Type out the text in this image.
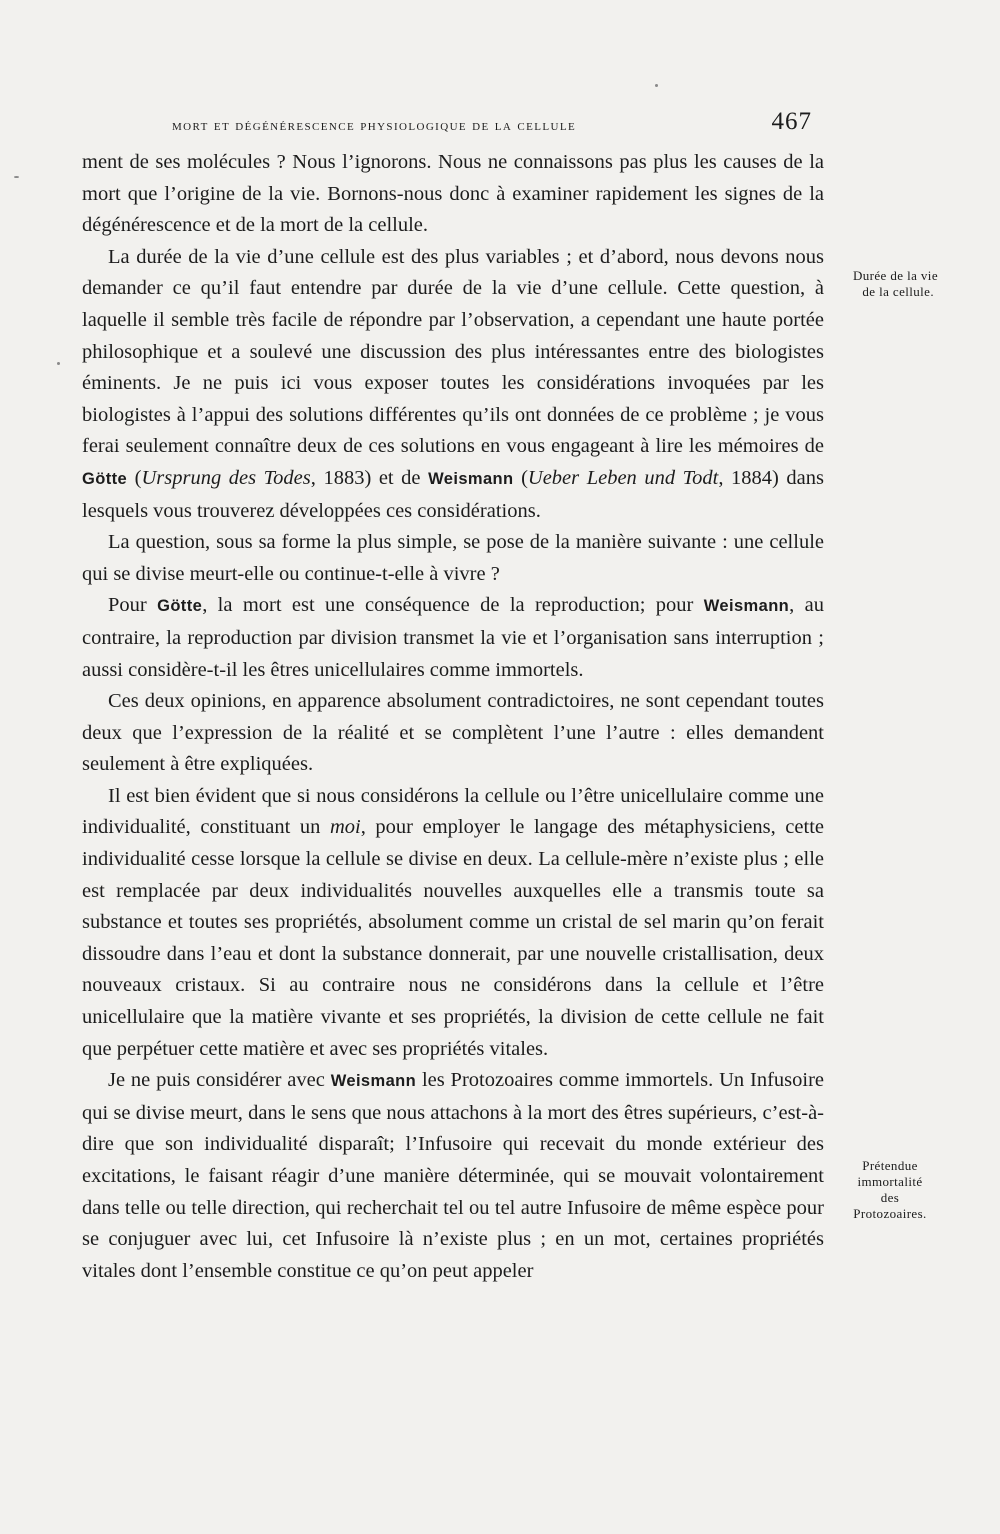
mort et dégénérescence physiologique de la cellule	467

ment de ses molécules ? Nous l’ignorons. Nous ne connaissons pas plus les causes de la mort que l’origine de la vie. Bornons-nous donc à examiner rapidement les signes de la dégénérescence et de la mort de la cellule.

La durée de la vie d’une cellule est des plus variables ; et d’abord, nous devons nous demander ce qu’il faut entendre par durée de la vie d’une cellule. Cette question, à laquelle il semble très facile de répondre par l’observation, a cependant une haute portée philosophique et a soulevé une discussion des plus intéressantes entre des biologistes éminents. Je ne puis ici vous exposer toutes les considérations invoquées par les biologistes à l’appui des solutions différentes qu’ils ont données de ce problème ; je vous ferai seulement connaître deux de ces solutions en vous engageant à lire les mémoires de Götte (Ursprung des Todes, 1883) et de Weismann (Ueber Leben und Todt, 1884) dans lesquels vous trouverez développées ces considérations.

La question, sous sa forme la plus simple, se pose de la manière suivante : une cellule qui se divise meurt-elle ou continue-t-elle à vivre ?

Pour Götte, la mort est une conséquence de la reproduction; pour Weismann, au contraire, la reproduction par division transmet la vie et l’organisation sans interruption ; aussi considère-t-il les êtres unicellulaires comme immortels.

Ces deux opinions, en apparence absolument contradictoires, ne sont cependant toutes deux que l’expression de la réalité et se complètent l’une l’autre : elles demandent seulement à être expliquées.

Il est bien évident que si nous considérons la cellule ou l’être unicellulaire comme une individualité, constituant un moi, pour employer le langage des métaphysiciens, cette individualité cesse lorsque la cellule se divise en deux. La cellule-mère n’existe plus ; elle est remplacée par deux individualités nouvelles auxquelles elle a transmis toute sa substance et toutes ses propriétés, absolument comme un cristal de sel marin qu’on ferait dissoudre dans l’eau et dont la substance donnerait, par une nouvelle cristallisation, deux nouveaux cristaux. Si au contraire nous ne considérons dans la cellule et l’être unicellulaire que la matière vivante et ses propriétés, la division de cette cellule ne fait que perpétuer cette matière et avec ses propriétés vitales.

Je ne puis considérer avec Weismann les Protozoaires comme immortels. Un Infusoire qui se divise meurt, dans le sens que nous attachons à la mort des êtres supérieurs, c’est-à-dire que son individualité disparaît; l’Infusoire qui recevait du monde extérieur des excitations, le faisant réagir d’une manière déterminée, qui se mouvait volontairement dans telle ou telle direction, qui recherchait tel ou tel autre Infusoire de même espèce pour se conjuguer avec lui, cet Infusoire là n’existe plus ; en un mot, certaines propriétés vitales dont l’ensemble constitue ce qu’on peut appeler

Durée de la vie
de la cellule.
Prétendue
immortalité
des
Protozoaires.
